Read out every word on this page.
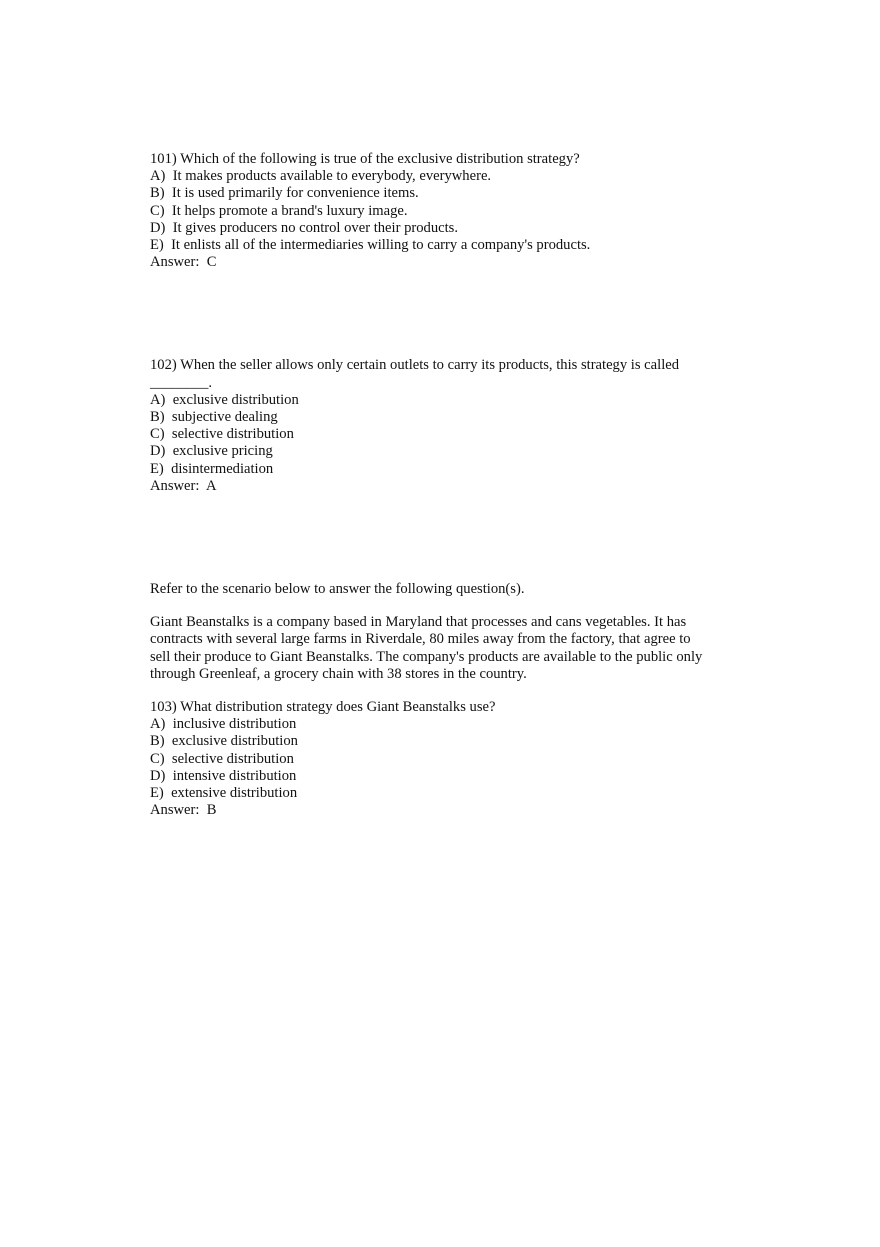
101) Which of the following is true of the exclusive distribution strategy?
A)  It makes products available to everybody, everywhere.
B)  It is used primarily for convenience items.
C)  It helps promote a brand's luxury image.
D)  It gives producers no control over their products.
E)  It enlists all of the intermediaries willing to carry a company's products.
Answer:  C
102) When the seller allows only certain outlets to carry its products, this strategy is called
________.
A)  exclusive distribution
B)  subjective dealing
C)  selective distribution
D)  exclusive pricing
E)  disintermediation
Answer:  A
Refer to the scenario below to answer the following question(s).
Giant Beanstalks is a company based in Maryland that processes and cans vegetables. It has
contracts with several large farms in Riverdale, 80 miles away from the factory, that agree to
sell their produce to Giant Beanstalks. The company's products are available to the public only
through Greenleaf, a grocery chain with 38 stores in the country.
103) What distribution strategy does Giant Beanstalks use?
A)  inclusive distribution
B)  exclusive distribution
C)  selective distribution
D)  intensive distribution
E)  extensive distribution
Answer:  B
